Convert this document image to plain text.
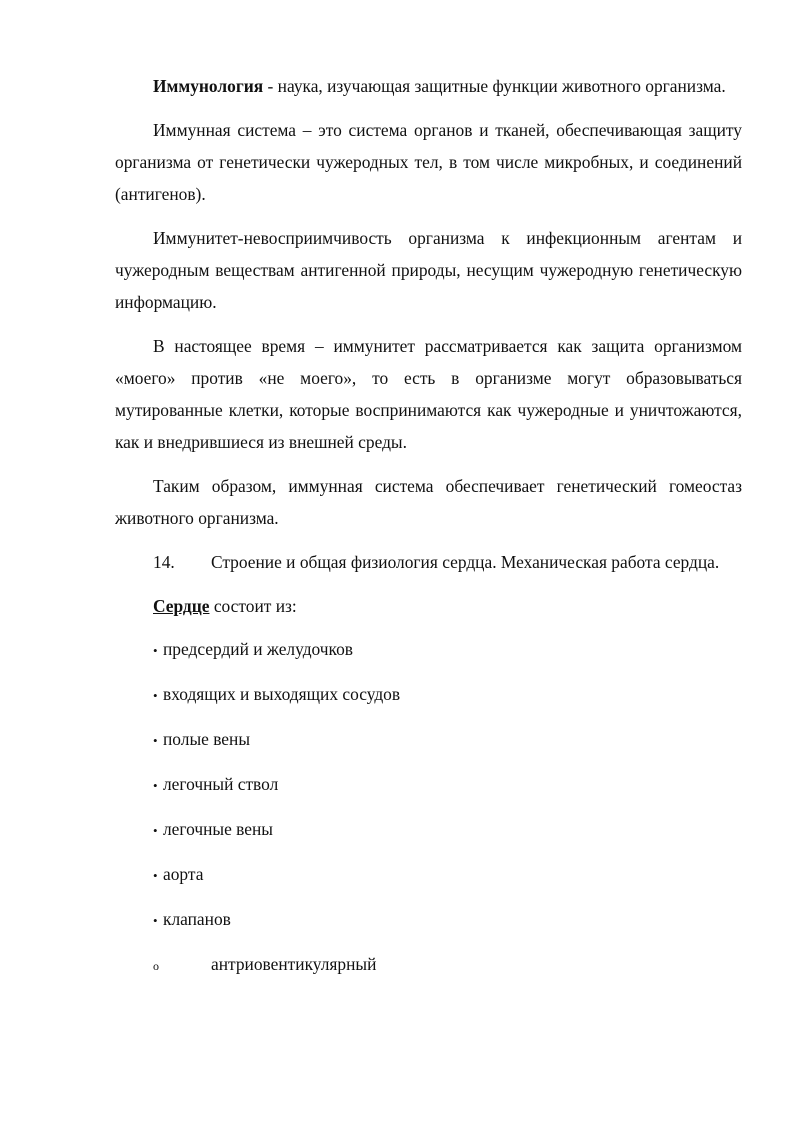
Иммунология - наука, изучающая защитные функции животного организма.

Иммунная система – это система органов и тканей, обеспечивающая защиту организма от генетически чужеродных тел, в том числе микробных, и соединений (антигенов).

Иммунитет-невосприимчивость организма к инфекционным агентам и чужеродным веществам антигенной природы, несущим чужеродную генетическую информацию.

В настоящее время – иммунитет рассматривается как защита организмом «моего» против «не моего», то есть в организме могут образовываться мутированные клетки, которые воспринимаются как чужеродные и уничтожаются, как и внедрившиеся из внешней среды.

Таким образом, иммунная система обеспечивает генетический гомеостаз животного организма.

14. Строение и общая физиология сердца. Механическая работа сердца.

Сердце состоит из:

• предсердий и желудочков
• входящих и выходящих сосудов
• полые вены
• легочный ствол
• легочные вены
• аорта
• клапанов

o	антриовентикулярный
